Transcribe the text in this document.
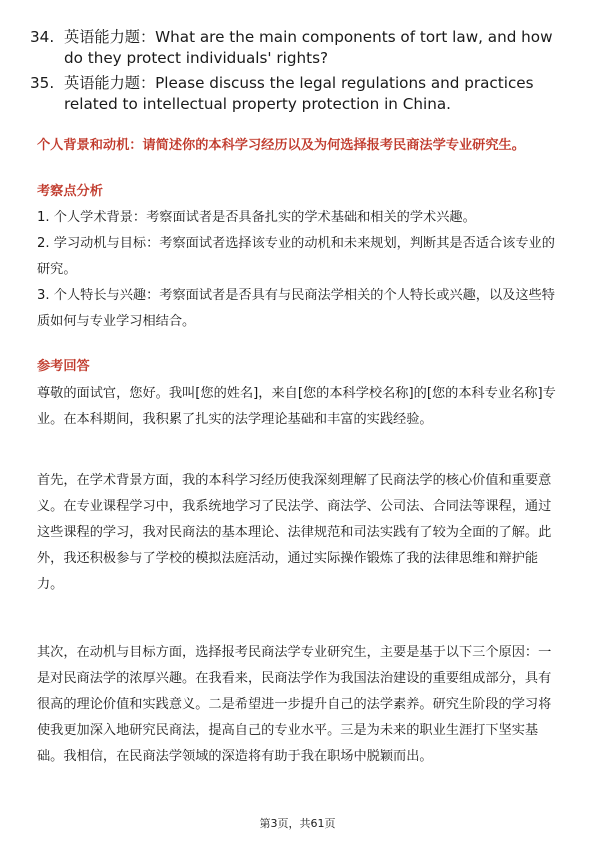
34. 英语能力题：What are the main components of tort law, and how do they protect individuals' rights?
35. 英语能力题：Please discuss the legal regulations and practices related to intellectual property protection in China.
个人背景和动机：请简述你的本科学习经历以及为何选择报考民商法学专业研究生。
考察点分析

1. 个人学术背景：考察面试者是否具备扎实的学术基础和相关的学术兴趣。

2. 学习动机与目标：考察面试者选择该专业的动机和未来规划，判断其是否适合该专业的研究。

3. 个人特长与兴趣：考察面试者是否具有与民商法学相关的个人特长或兴趣，以及这些特质如何与专业学习相结合。

参考回答

尊敬的面试官，您好。我叫[您的姓名]，来自[您的本科学校名称]的[您的本科专业名称]专业。在本科期间，我积累了扎实的法学理论基础和丰富的实践经验。

首先，在学术背景方面，我的本科学习经历使我深刻理解了民商法学的核心价值和重要意义。在专业课程学习中，我系统地学习了民法学、商法学、公司法、合同法等课程，通过这些课程的学习，我对民商法的基本理论、法律规范和司法实践有了较为全面的了解。此外，我还积极参与了学校的模拟法庭活动，通过实际操作锻炼了我的法律思维和辩护能力。

其次，在动机与目标方面，选择报考民商法学专业研究生，主要是基于以下三个原因：一是对民商法学的浓厚兴趣。在我看来，民商法学作为我国法治建设的重要组成部分，具有很高的理论价值和实践意义。二是希望进一步提升自己的法学素养。研究生阶段的学习将使我更加深入地研究民商法，提高自己的专业水平。三是为未来的职业生涯打下坚实基础。我相信，在民商法学领域的深造将有助于我在职场中脱颖而出。

第3页，共61页
